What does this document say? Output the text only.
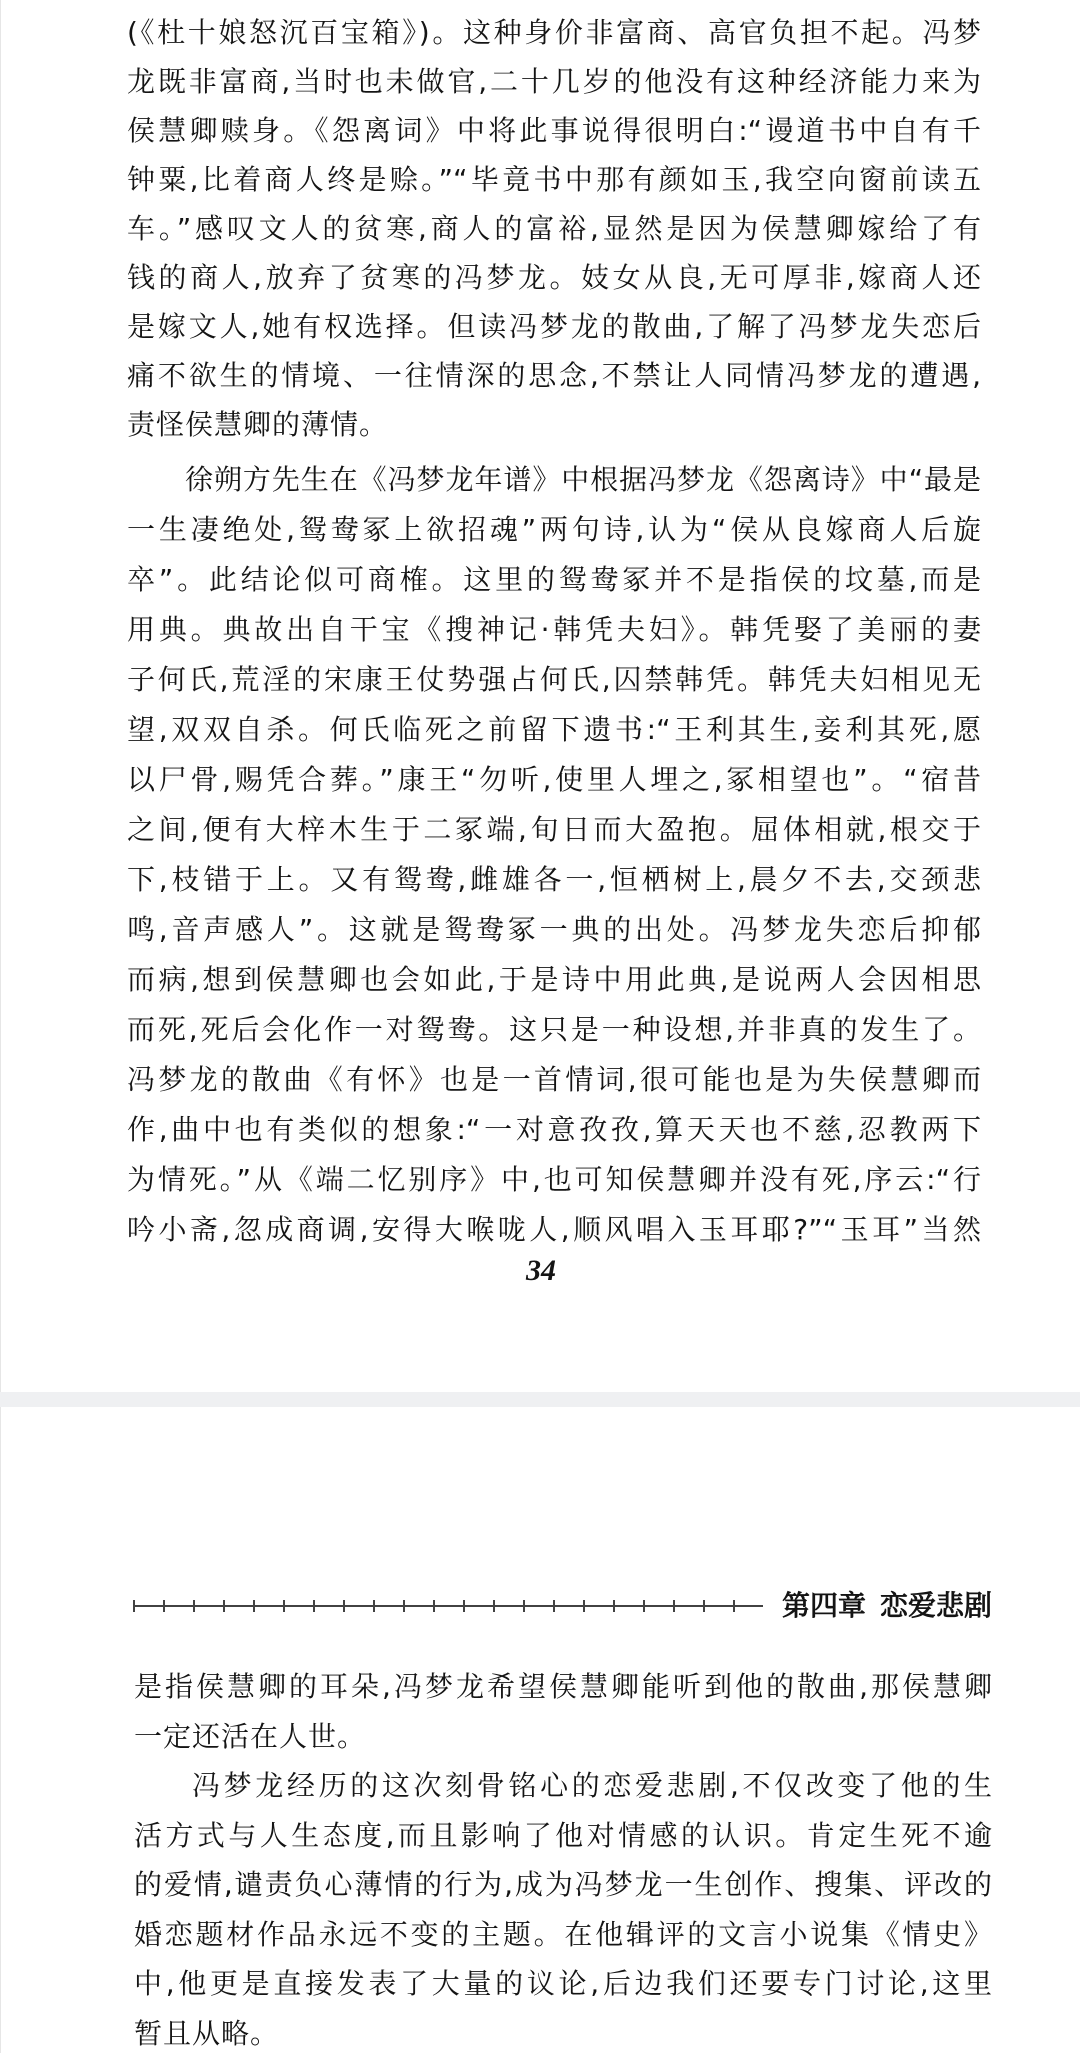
34
第四章 恋爱悲剧
(《杜十娘怒沉百宝箱》)。这种身价非富商、高官负担不起。冯梦
龙既非富商,当时也未做官,二十几岁的他没有这种经济能力来为
侯慧卿赎身。《怨离词》中将此事说得很明白:“谩道书中自有千
钟粟,比着商人终是赊。”“毕竟书中那有颜如玉,我空向窗前读五
车。”感叹文人的贫寒,商人的富裕,显然是因为侯慧卿嫁给了有
钱的商人,放弃了贫寒的冯梦龙。妓女从良,无可厚非,嫁商人还
是嫁文人,她有权选择。但读冯梦龙的散曲,了解了冯梦龙失恋后
痛不欲生的情境、一往情深的思念,不禁让人同情冯梦龙的遭遇,
责怪侯慧卿的薄情。
徐朔方先生在《冯梦龙年谱》中根据冯梦龙《怨离诗》中“最是
一生凄绝处,鸳鸯冢上欲招魂”两句诗,认为“侯从良嫁商人后旋
卒”。此结论似可商榷。这里的鸳鸯冢并不是指侯的坟墓,而是
用典。典故出自干宝《搜神记·韩凭夫妇》。韩凭娶了美丽的妻
子何氏,荒淫的宋康王仗势强占何氏,囚禁韩凭。韩凭夫妇相见无
望,双双自杀。何氏临死之前留下遗书:“王利其生,妾利其死,愿
以尸骨,赐凭合葬。”康王“勿听,使里人埋之,冢相望也”。“宿昔
之间,便有大梓木生于二冢端,旬日而大盈抱。屈体相就,根交于
下,枝错于上。又有鸳鸯,雌雄各一,恒栖树上,晨夕不去,交颈悲
鸣,音声感人”。这就是鸳鸯冢一典的出处。冯梦龙失恋后抑郁
而病,想到侯慧卿也会如此,于是诗中用此典,是说两人会因相思
而死,死后会化作一对鸳鸯。这只是一种设想,并非真的发生了。
冯梦龙的散曲《有怀》也是一首情词,很可能也是为失侯慧卿而
作,曲中也有类似的想象:“一对意孜孜,算天天也不慈,忍教两下
为情死。”从《端二忆别序》中,也可知侯慧卿并没有死,序云:“行
吟小斋,忽成商调,安得大喉咙人,顺风唱入玉耳耶?”“玉耳”当然
是指侯慧卿的耳朵,冯梦龙希望侯慧卿能听到他的散曲,那侯慧卿
一定还活在人世。
冯梦龙经历的这次刻骨铭心的恋爱悲剧,不仅改变了他的生
活方式与人生态度,而且影响了他对情感的认识。肯定生死不逾
的爱情,谴责负心薄情的行为,成为冯梦龙一生创作、搜集、评改的
婚恋题材作品永远不变的主题。在他辑评的文言小说集《情史》
中,他更是直接发表了大量的议论,后边我们还要专门讨论,这里
暂且从略。
